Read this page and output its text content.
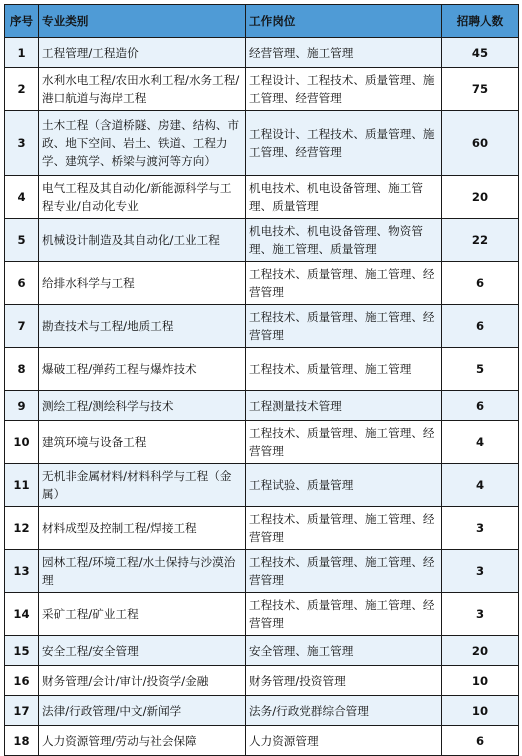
序号	专业类别	工作岗位	招聘人数
1	工程管理/工程造价	经营管理、施工管理	45
2	水利水电工程/农田水利工程/水务工程/港口航道与海岸工程	工程设计、工程技术、质量管理、施工管理、经营管理	75
3	土木工程（含道桥隧、房建、结构、市政、地下空间、岩土、铁道、工程力学、建筑学、桥梁与渡河等方向）	工程设计、工程技术、质量管理、施工管理、经营管理	60
4	电气工程及其自动化/新能源科学与工程专业/自动化专业	机电技术、机电设备管理、施工管理、质量管理	20
5	机械设计制造及其自动化/工业工程	机电技术、机电设备管理、物资管理、施工管理、质量管理	22
6	给排水科学与工程	工程技术、质量管理、施工管理、经营管理	6
7	勘查技术与工程/地质工程	工程技术、质量管理、施工管理、经营管理	6
8	爆破工程/弹药工程与爆炸技术	工程技术、质量管理、施工管理	5
9	测绘工程/测绘科学与技术	工程测量技术管理	6
10	建筑环境与设备工程	工程技术、质量管理、施工管理、经营管理	4
11	无机非金属材料/材料科学与工程（金属）	工程试验、质量管理	4
12	材料成型及控制工程/焊接工程	工程技术、质量管理、施工管理、经营管理	3
13	园林工程/环境工程/水土保持与沙漠治理	工程技术、质量管理、施工管理、经营管理	3
14	采矿工程/矿业工程	工程技术、质量管理、施工管理、经营管理	3
15	安全工程/安全管理	安全管理、施工管理	20
16	财务管理/会计/审计/投资学/金融	财务管理/投资管理	10
17	法律/行政管理/中文/新闻学	法务/行政党群综合管理	10
18	人力资源管理/劳动与社会保障	人力资源管理	6
